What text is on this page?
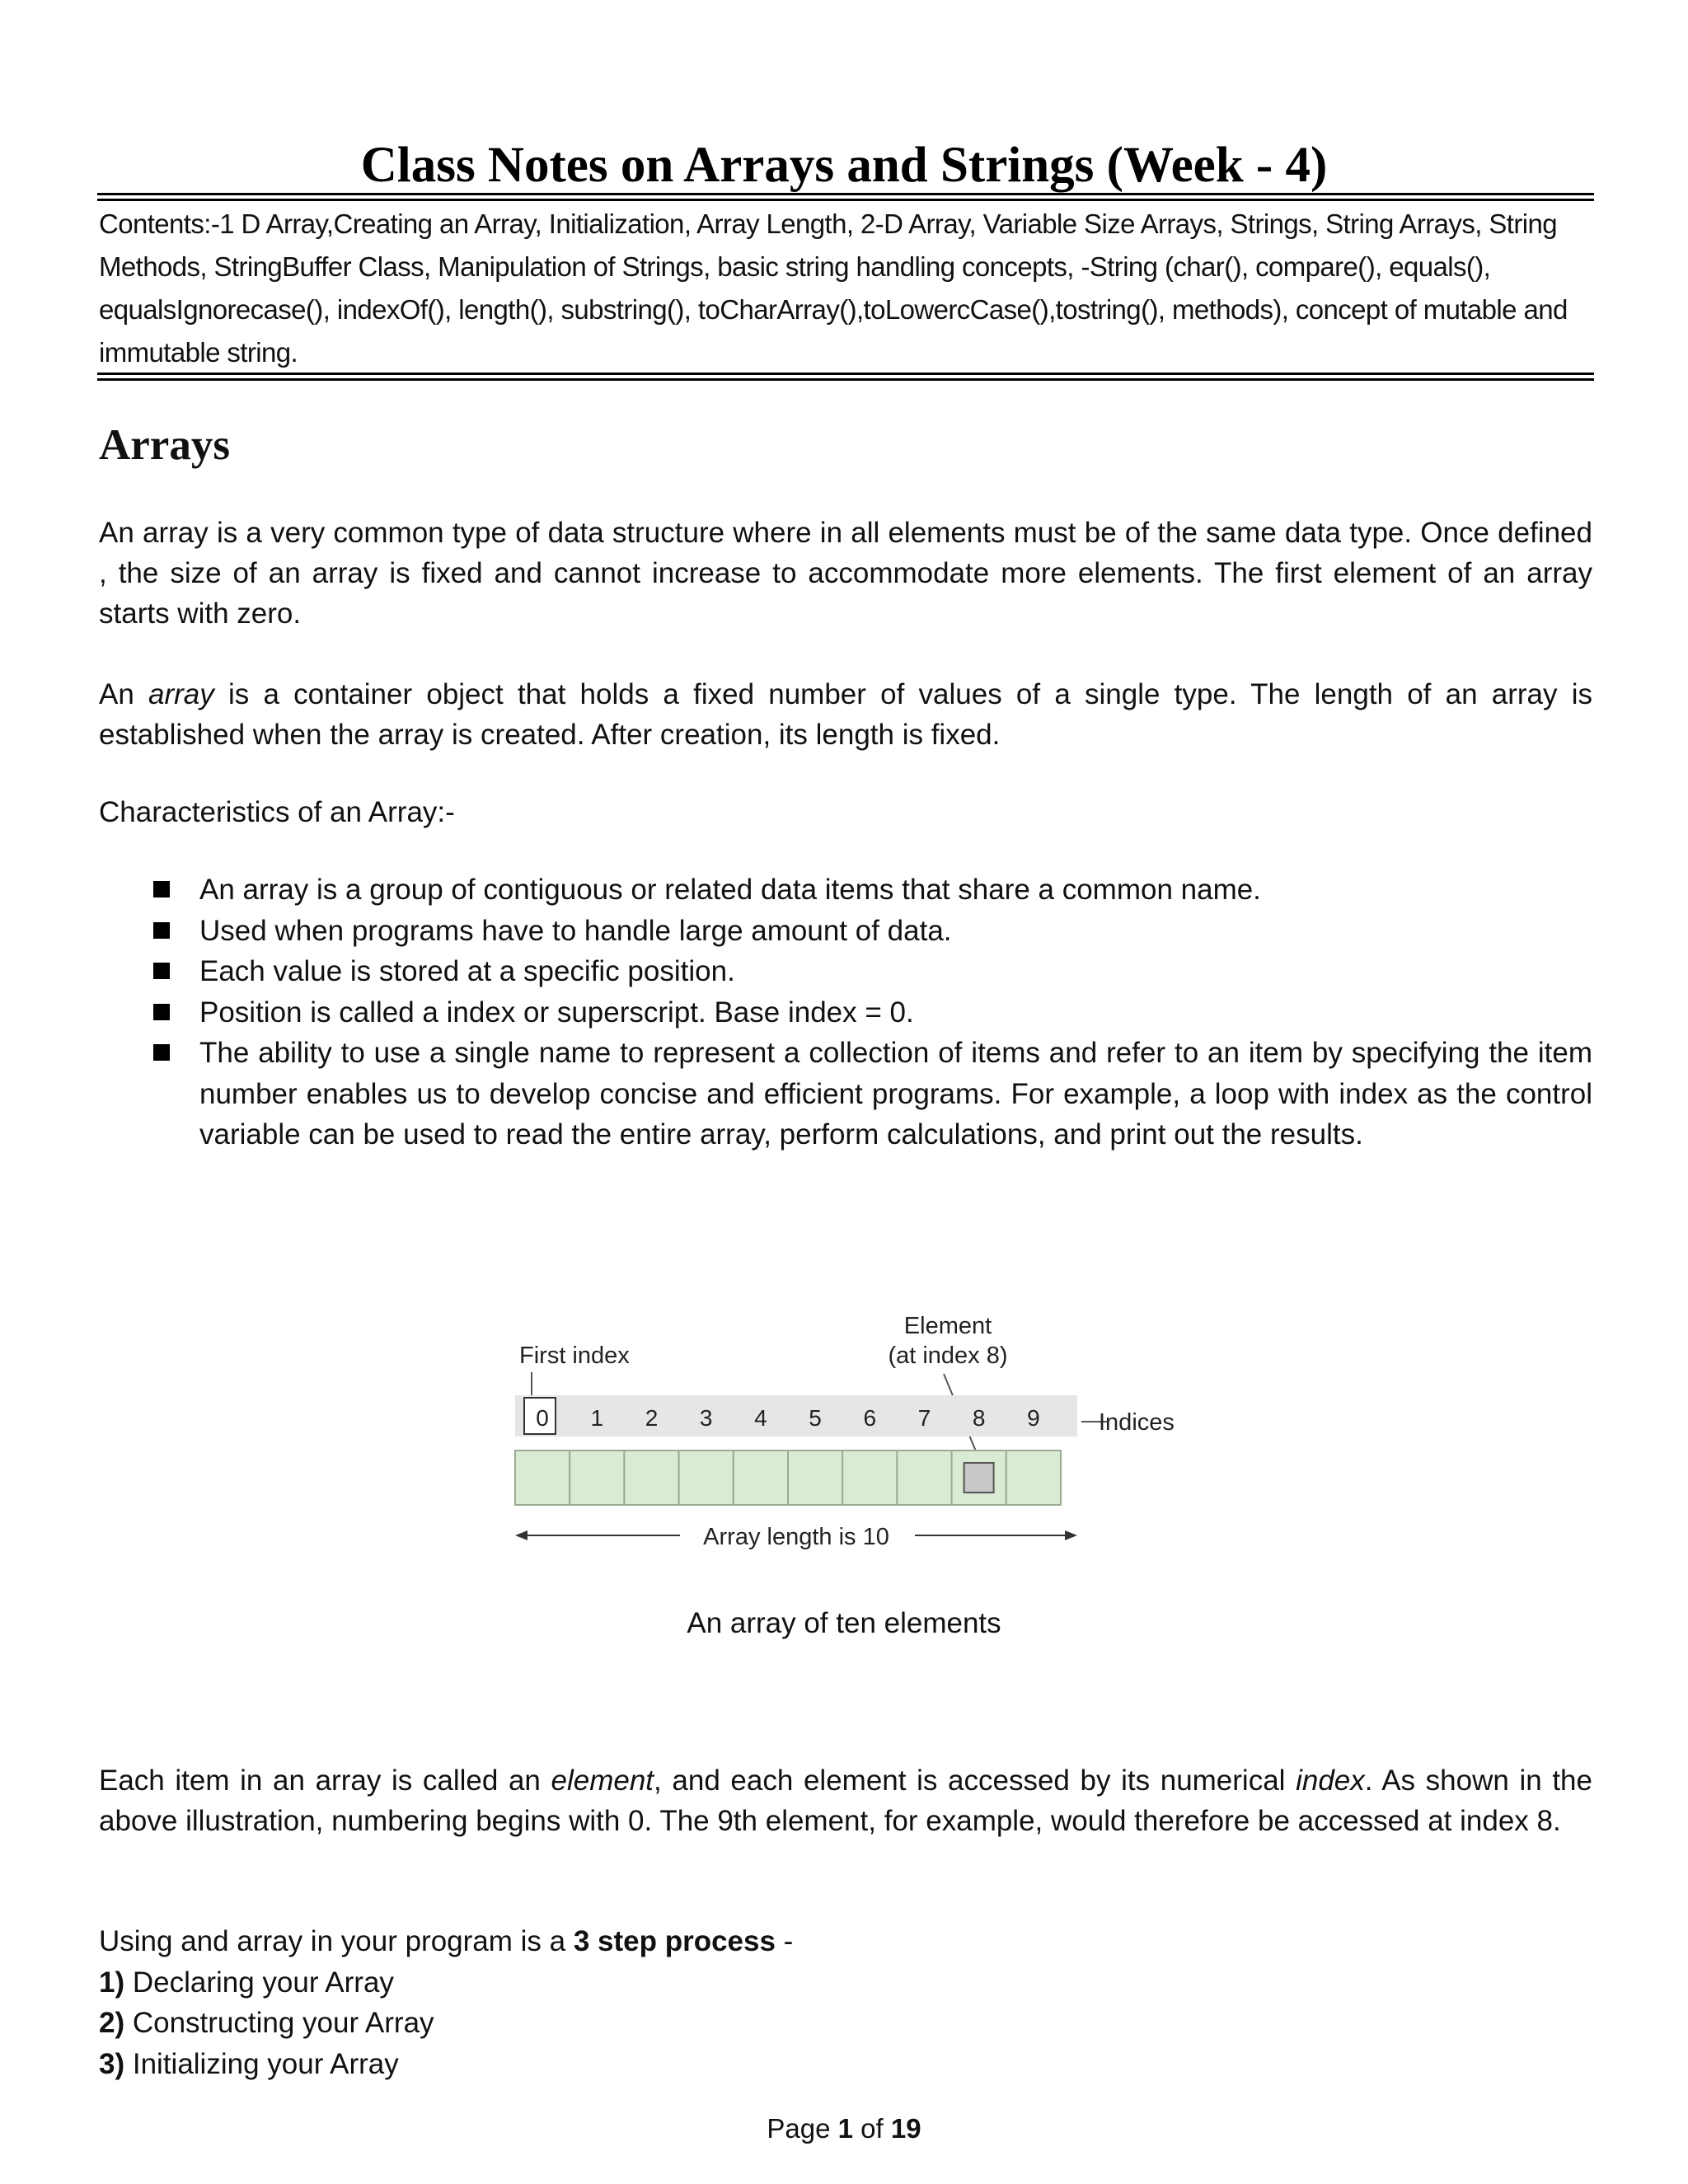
Class Notes on Arrays and Strings (Week - 4)

Contents:-1 D Array,Creating an Array, Initialization, Array Length, 2-D Array, Variable Size Arrays, Strings, String Arrays, String Methods, StringBuffer Class, Manipulation of Strings, basic string handling concepts, -String (char(), compare(), equals(), equalsIgnorecase(), indexOf(), length(), substring(), toCharArray(),toLowercCase(),tostring(), methods), concept of mutable and immutable string.

Arrays

An array is a very common type of data structure where in all elements must be of the same data type. Once defined , the size of an array is fixed and cannot increase to accommodate more elements. The first element of an array starts with zero.

An array is a container object that holds a fixed number of values of a single type. The length of an array is established when the array is created. After creation, its length is fixed.

Characteristics of an Array:-

An array is a group of contiguous or related data items that share a common name.
Used when programs have to handle large amount of data.
Each value is stored at a specific position.
Position is called a index or superscript. Base index = 0.
The ability to use a single name to represent a collection of items and refer to an item by specifying the item number enables us to develop concise and efficient programs. For example, a loop with index as the control variable can be used to read the entire array, perform calculations, and print out the results.
First index
Element
(at index 8)
0 1 2 3 4 5 6 7 8 9 Indices
Array length is 10
An array of ten elements

Each item in an array is called an element, and each element is accessed by its numerical index. As shown in the above illustration, numbering begins with 0. The 9th element, for example, would therefore be accessed at index 8.

Using and array in your program is a 3 step process -
1) Declaring your Array
2) Constructing your Array
3) Initializing your Array
Page 1 of 19
